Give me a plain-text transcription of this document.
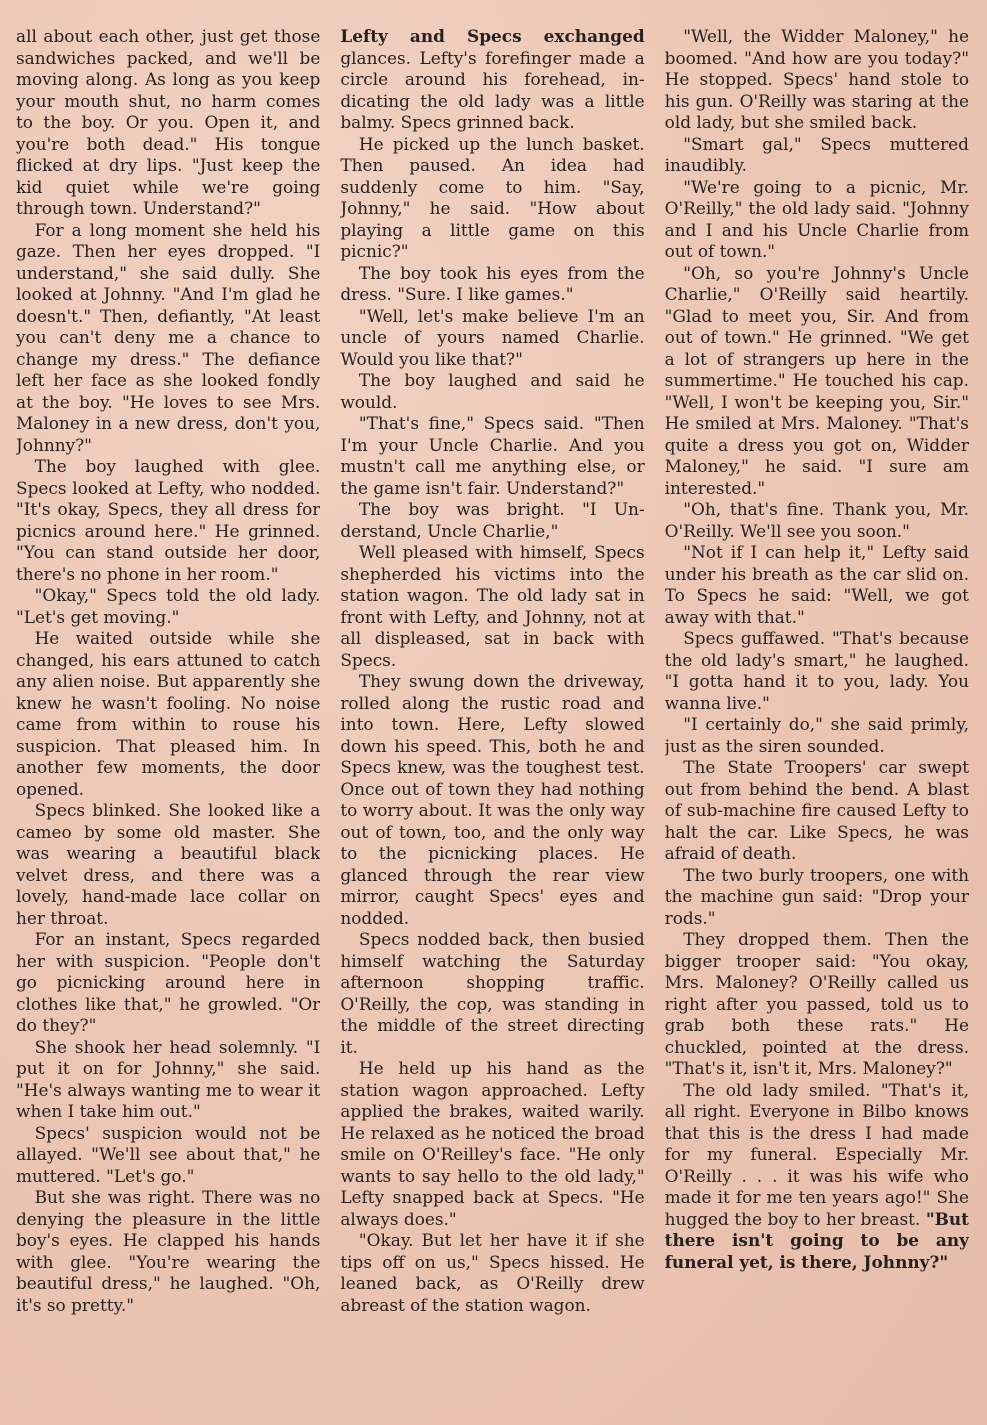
all about each other, just get those sandwiches packed, and we'll be moving along. As long as you keep your mouth shut, no harm comes to the boy. Or you. Open it, and you're both dead." His tongue flicked at dry lips. "Just keep the kid quiet while we're going through town. Understand?"

For a long moment she held his gaze. Then her eyes dropped. "I understand," she said dully. She looked at Johnny. "And I'm glad he doesn't." Then, defiantly, "At least you can't deny me a chance to change my dress." The defiance left her face as she looked fondly at the boy. "He loves to see Mrs. Maloney in a new dress, don't you, Johnny?"

The boy laughed with glee. Specs looked at Lefty, who nodded. "It's okay, Specs, they all dress for picnics around here." He grinned. "You can stand outside her door, there's no phone in her room."

"Okay," Specs told the old lady. "Let's get moving."

He waited outside while she changed, his ears attuned to catch any alien noise. But apparently she knew he wasn't fooling. No noise came from within to rouse his suspicion. That pleased him. In another few moments, the door opened.

Specs blinked. She looked like a cameo by some old master. She was wearing a beautiful black velvet dress, and there was a lovely, hand-made lace collar on her throat.

For an instant, Specs regarded her with suspicion. "People don't go picnicking around here in clothes like that," he growled. "Or do they?"

She shook her head solemnly. "I put it on for Johnny," she said. "He's always wanting me to wear it when I take him out."

Specs' suspicion would not be allayed. "We'll see about that," he muttered. "Let's go."

But she was right. There was no denying the pleasure in the little boy's eyes. He clapped his hands with glee. "You're wearing the beautiful dress," he laughed. "Oh, it's so pretty."

Lefty and Specs exchanged glances. Lefty's forefinger made a circle around his forehead, indicating the old lady was a little balmy. Specs grinned back.

He picked up the lunch basket. Then paused. An idea had suddenly come to him. "Say, Johnny," he said. "How about playing a little game on this picnic?"

The boy took his eyes from the dress. "Sure. I like games."

"Well, let's make believe I'm an uncle of yours named Charlie. Would you like that?"

The boy laughed and said he would.

"That's fine," Specs said. "Then I'm your Uncle Charlie. And you mustn't call me anything else, or the game isn't fair. Understand?"

The boy was bright. "I Understand, Uncle Charlie,"

Well pleased with himself, Specs shepherded his victims into the station wagon. The old lady sat in front with Lefty, and Johnny, not at all displeased, sat in back with Specs.

They swung down the driveway, rolled along the rustic road and into town. Here, Lefty slowed down his speed. This, both he and Specs knew, was the toughest test. Once out of town they had nothing to worry about. It was the only way out of town, too, and the only way to the picnicking places. He glanced through the rear view mirror, caught Specs' eyes and nodded.

Specs nodded back, then busied himself watching the Saturday afternoon shopping traffic. O'Reilly, the cop, was standing in the middle of the street directing it.

He held up his hand as the station wagon approached. Lefty applied the brakes, waited warily. He relaxed as he noticed the broad smile on O'Reilley's face. "He only wants to say hello to the old lady," Lefty snapped back at Specs. "He always does."

"Okay. But let her have it if she tips off on us," Specs hissed. He leaned back, as O'Reilly drew abreast of the station wagon.

"Well, the Widder Maloney," he boomed. "And how are you today?" He stopped. Specs' hand stole to his gun. O'Reilly was staring at the old lady, but she smiled back.

"Smart gal," Specs muttered inaudibly.

"We're going to a picnic, Mr. O'Reilly," the old lady said. "Johnny and I and his Uncle Charlie from out of town."

"Oh, so you're Johnny's Uncle Charlie," O'Reilly said heartily. "Glad to meet you, Sir. And from out of town." He grinned. "We get a lot of strangers up here in the summertime." He touched his cap. "Well, I won't be keeping you, Sir." He smiled at Mrs. Maloney. "That's quite a dress you got on, Widder Maloney," he said. "I sure am interested."

"Oh, that's fine. Thank you, Mr. O'Reilly. We'll see you soon."

"Not if I can help it," Lefty said under his breath as the car slid on. To Specs he said: "Well, we got away with that."

Specs guffawed. "That's because the old lady's smart," he laughed. "I gotta hand it to you, lady. You wanna live."

"I certainly do," she said primly, just as the siren sounded.

The State Troopers' car swept out from behind the bend. A blast of sub-machine fire caused Lefty to halt the car. Like Specs, he was afraid of death.

The two burly troopers, one with the machine gun said: "Drop your rods."

They dropped them. Then the bigger trooper said: "You okay, Mrs. Maloney? O'Reilly called us right after you passed, told us to grab both these rats." He chuckled, pointed at the dress. "That's it, isn't it, Mrs. Maloney?"

The old lady smiled. "That's it, all right. Everyone in Bilbo knows that this is the dress I had made for my funeral. Especially Mr. O'Reilly . . . it was his wife who made it for me ten years ago!" She hugged the boy to her breast. "But there isn't going to be any funeral yet, is there, Johnny?"
